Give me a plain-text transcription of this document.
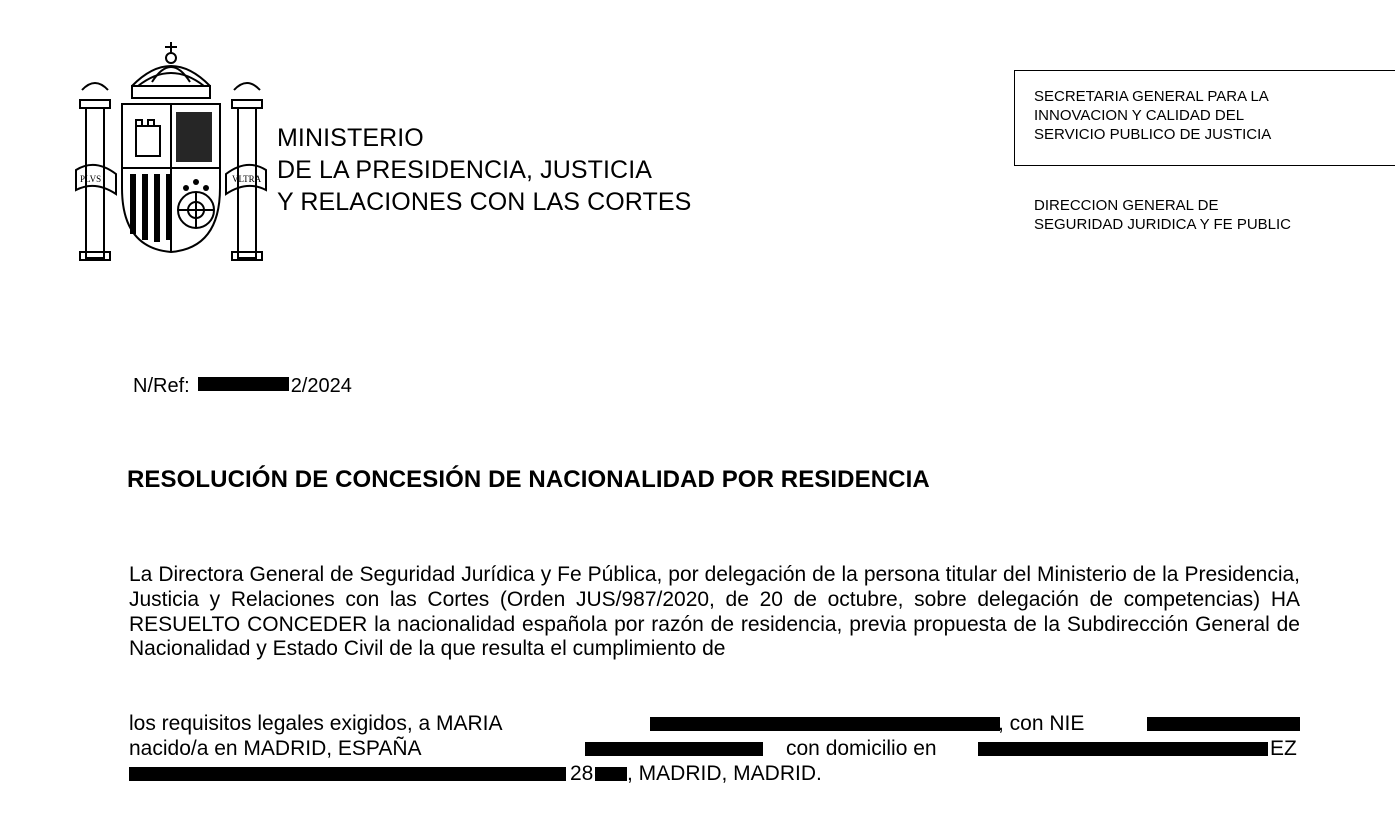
PLVS	VLTRA
MINISTERIO
DE LA PRESIDENCIA, JUSTICIA
Y RELACIONES CON LAS CORTES
SECRETARIA GENERAL PARA LA
INNOVACION Y CALIDAD DEL
SERVICIO PUBLICO DE JUSTICIA
DIRECCION GENERAL DE
SEGURIDAD JURIDICA Y FE PUBLIC
N/Ref:	2/2024
RESOLUCIÓN DE CONCESIÓN DE NACIONALIDAD POR RESIDENCIA
La Directora General de Seguridad Jurídica y Fe Pública, por delegación de la persona titular del Ministerio de la Presidencia, Justicia y Relaciones con las Cortes (Orden JUS/987/2020, de 20 de octubre, sobre delegación de competencias) HA RESUELTO CONCEDER la nacionalidad española por razón de residencia, previa propuesta de la Subdirección General de Nacionalidad y Estado Civil de la que resulta el cumplimiento de
los requisitos legales exigidos, a MARIA	, con NIE
nacido/a en MADRID, ESPAÑA	con domicilio en	EZ
28 , MADRID, MADRID.
